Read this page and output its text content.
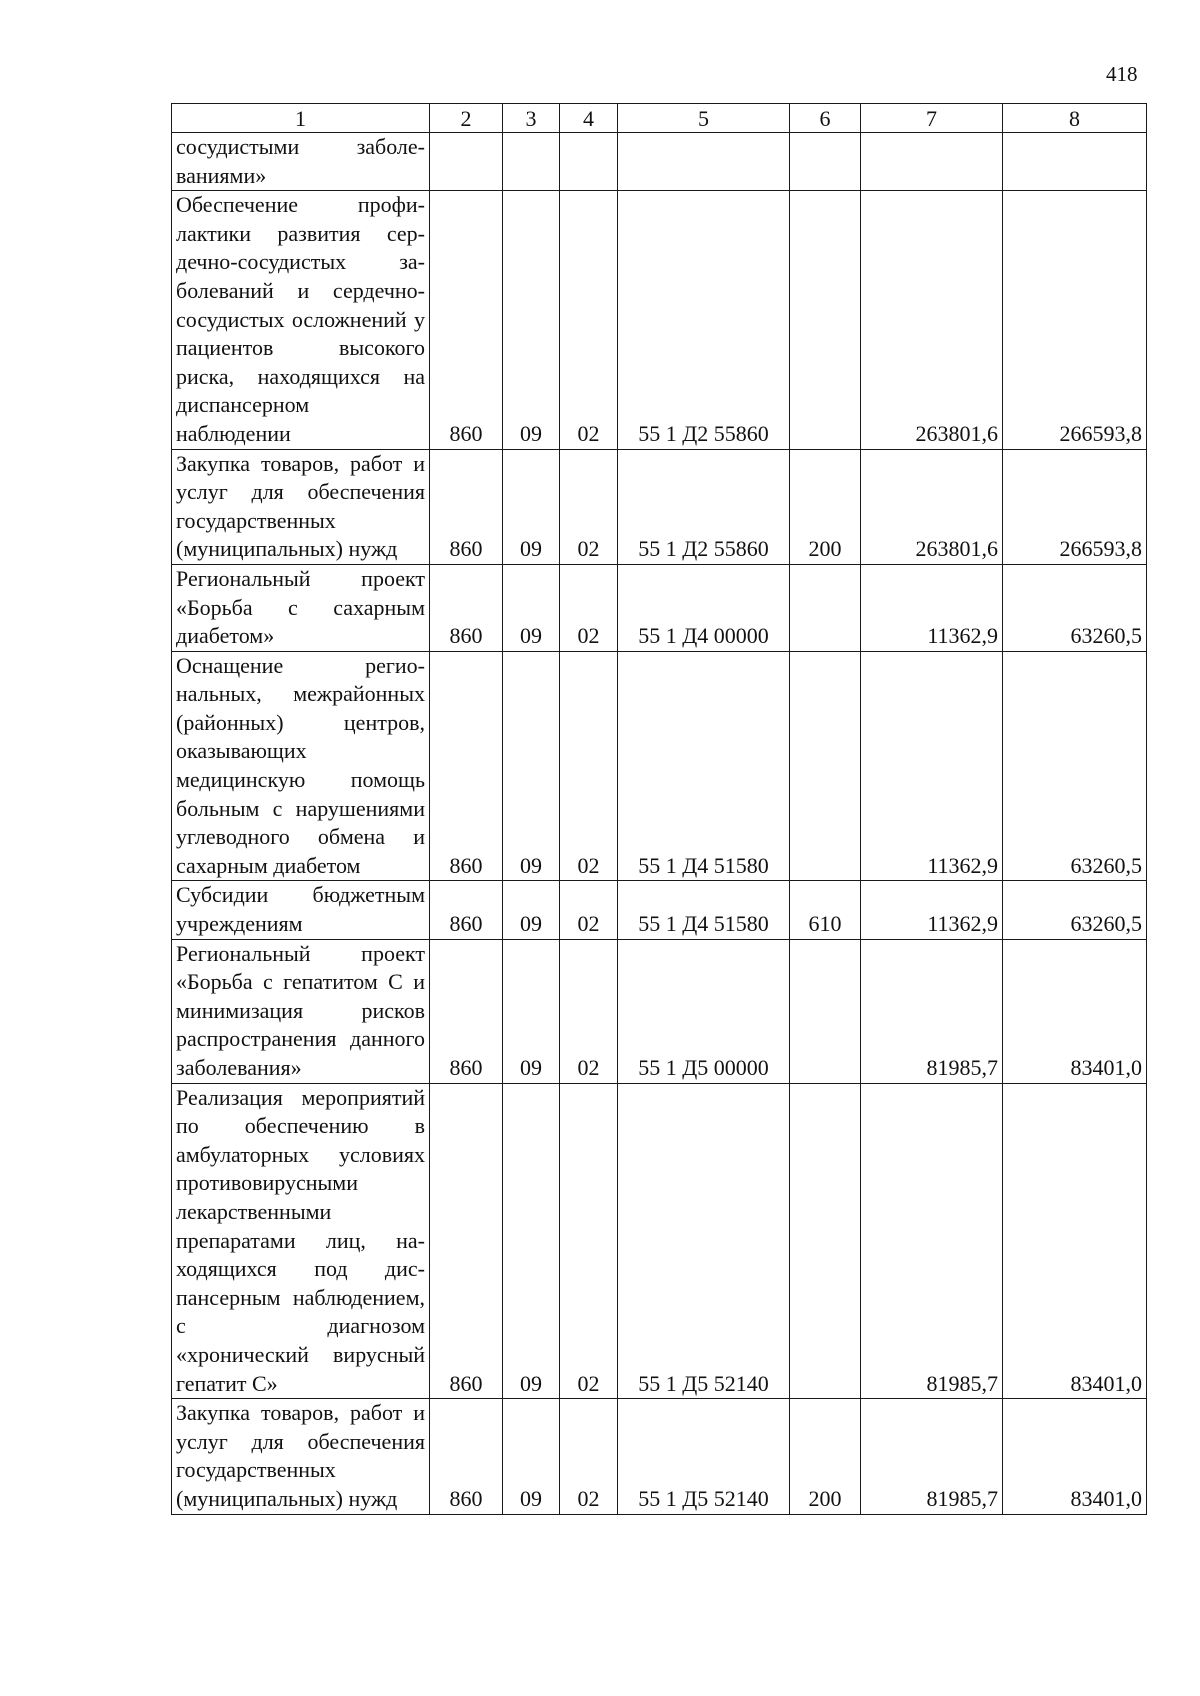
418
1	2	3	4	5	6	7	8
сосудистыми заболеваниями»							
Обеспечение профилактики развития сердечно-сосудистых заболеваний и сердечнососудистых осложнений у пациентов высокого риска, находящихся на диспансерном наблюдении	860	09	02	55 1 Д2 55860		263801,6	266593,8
Закупка товаров, работ и услуг для обеспечения государственных (муниципальных) нужд	860	09	02	55 1 Д2 55860	200	263801,6	266593,8
Региональный проект «Борьба с сахарным диабетом»	860	09	02	55 1 Д4 00000		11362,9	63260,5
Оснащение региональных, межрайонных (районных) центров, оказывающих медицинскую помощь больным с нарушениями углеводного обмена и сахарным диабетом	860	09	02	55 1 Д4 51580		11362,9	63260,5
Субсидии бюджетным учреждениям	860	09	02	55 1 Д4 51580	610	11362,9	63260,5
Региональный проект «Борьба с гепатитом С и минимизация рисков распространения данного заболевания»	860	09	02	55 1 Д5 00000		81985,7	83401,0
Реализация мероприятий по обеспечению в амбулаторных условиях противовирусными лекарственными препаратами лиц, находящихся под диспансерным наблюдением, с диагнозом «хронический вирусный гепатит С»	860	09	02	55 1 Д5 52140		81985,7	83401,0
Закупка товаров, работ и услуг для обеспечения государственных (муниципальных) нужд	860	09	02	55 1 Д5 52140	200	81985,7	83401,0
